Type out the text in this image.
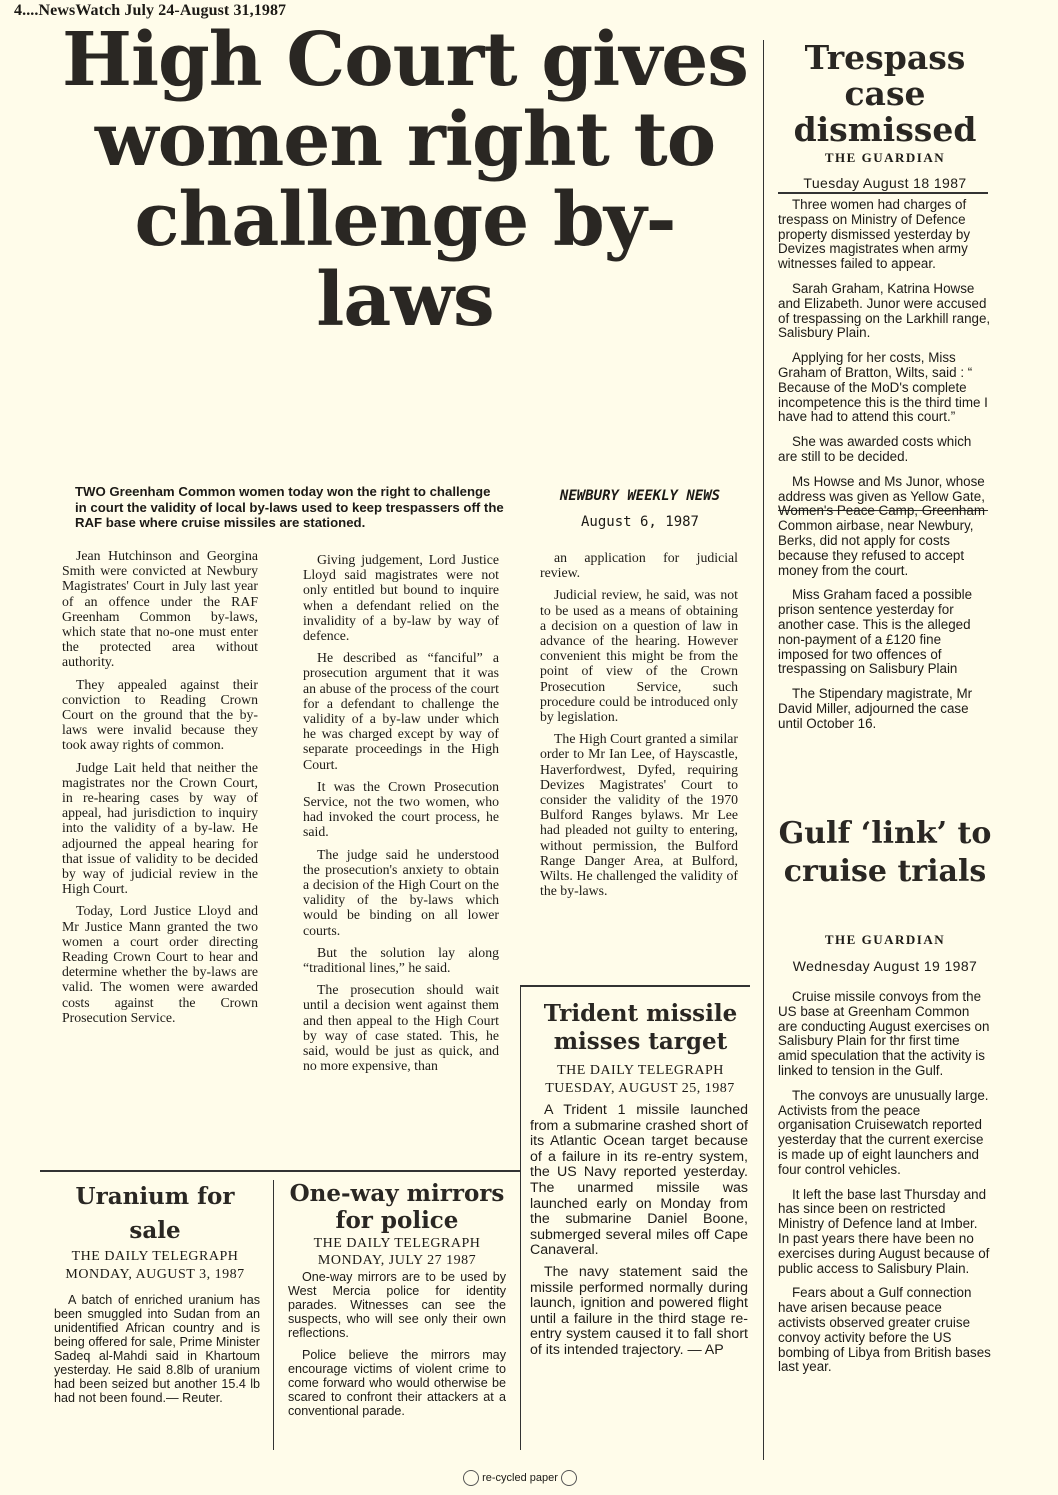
4....NewsWatch July 24-August 31,1987
High Court gives women right to challenge by-laws
TWO Greenham Common women today won the right to challenge in court the validity of local by-laws used to keep trespassers off the RAF base where cruise missiles are stationed.
NEWBURY WEEKLY NEWS
August 6, 1987

Jean Hutchinson and Georgina Smith were convicted at Newbury Magistrates' Court in July last year of an offence under the RAF Greenham Common by-laws, which state that no-one must enter the protected area without authority.

They appealed against their conviction to Reading Crown Court on the ground that the by-laws were invalid because they took away rights of common.

Judge Lait held that neither the magistrates nor the Crown Court, in re-hearing cases by way of appeal, had jurisdiction to inquiry into the validity of a by-law. He adjourned the appeal hearing for that issue of validity to be decided by way of judicial review in the High Court.

Today, Lord Justice Lloyd and Mr Justice Mann granted the two women a court order directing Reading Crown Court to hear and determine whether the by-laws are valid. The women were awarded costs against the Crown Prosecution Service.

Giving judgement, Lord Justice Lloyd said magistrates were not only entitled but bound to inquire when a defendant relied on the invalidity of a by-law by way of defence.

He described as “fanciful” a prosecution argument that it was an abuse of the process of the court for a defendant to challenge the validity of a by-law under which he was charged except by way of separate proceedings in the High Court.

It was the Crown Prosecution Service, not the two women, who had invoked the court process, he said.

The judge said he understood the prosecution's anxiety to obtain a decision of the High Court on the validity of the by-laws which would be binding on all lower courts.

But the solution lay along “traditional lines,” he said.

The prosecution should wait until a decision went against them and then appeal to the High Court by way of case stated. This, he said, would be just as quick, and no more expensive, than

an application for judicial review.

Judicial review, he said, was not to be used as a means of obtaining a decision on a question of law in advance of the hearing. However convenient this might be from the point of view of the Crown Prosecution Service, such procedure could be introduced only by legislation.

The High Court granted a similar order to Mr Ian Lee, of Hayscastle, Haverfordwest, Dyfed, requiring Devizes Magistrates' Court to consider the validity of the 1970 Bulford Ranges bylaws. Mr Lee had pleaded not guilty to entering, without permission, the Bulford Range Danger Area, at Bulford, Wilts. He challenged the validity of the by-laws.

Trespass case dismissed
THE GUARDIAN
Tuesday August 18 1987

Three women had charges of trespass on Ministry of Defence property dismissed yesterday by Devizes magistrates when army witnesses failed to appear.

Sarah Graham, Katrina Howse and Elizabeth. Junor were accused of trespassing on the Larkhill range, Salisbury Plain.

Applying for her costs, Miss Graham of Bratton, Wilts, said : “ Because of the MoD's complete incompetence this is the third time I have had to attend this court.”

She was awarded costs which are still to be decided.

Ms Howse and Ms Junor, whose address was given as Yellow Gate, Women's Peace Camp, Greenham Common airbase, near Newbury, Berks, did not apply for costs because they refused to accept money from the court.

Miss Graham faced a possible prison sentence yesterday for another case. This is the alleged non-payment of a £120 fine imposed for two offences of trespassing on Salisbury Plain

The Stipendary magistrate, Mr David Miller, adjourned the case until October 16.

Gulf ‘link’ to cruise trials
THE GUARDIAN
Wednesday August 19 1987

Cruise missile convoys from the US base at Greenham Common are conducting August exercises on Salisbury Plain for thr first time amid speculation that the activity is linked to tension in the Gulf.

The convoys are unusually large. Activists from the peace organisation Cruisewatch reported yesterday that the current exercise is made up of eight launchers and four control vehicles.

It left the base last Thursday and has since been on restricted Ministry of Defence land at Imber. In past years there have been no exercises during August because of public access to Salisbury Plain.

Fears about a Gulf connection have arisen because peace activists observed greater cruise convoy activity before the US bombing of Libya from British bases last year.

Trident missile misses target
THE DAILY TELEGRAPH
TUESDAY, AUGUST 25, 1987

A Trident 1 missile launched from a submarine crashed short of its Atlantic Ocean target because of a failure in its re-entry system, the US Navy reported yesterday. The unarmed missile was launched early on Monday from the submarine Daniel Boone, submerged several miles off Cape Canaveral.

The navy statement said the missile performed normally during launch, ignition and powered flight until a failure in the third stage re-entry system caused it to fall short of its intended trajectory. — AP

Uranium for sale
THE DAILY TELEGRAPH
MONDAY, AUGUST 3, 1987

A batch of enriched uranium has been smuggled into Sudan from an unidentified African country and is being offered for sale, Prime Minister Sadeq al-Mahdi said in Khartoum yesterday. He said 8.8lb of uranium had been seized but another 15.4 lb had not been found.— Reuter.

One-way mirrors for police
THE DAILY TELEGRAPH
MONDAY, JULY 27 1987

One-way mirrors are to be used by West Mercia police for identity parades. Witnesses can see the suspects, who will see only their own reflections.

Police believe the mirrors may encourage victims of violent crime to come forward who would otherwise be scared to confront their attackers at a conventional parade.

re-cycled paper
